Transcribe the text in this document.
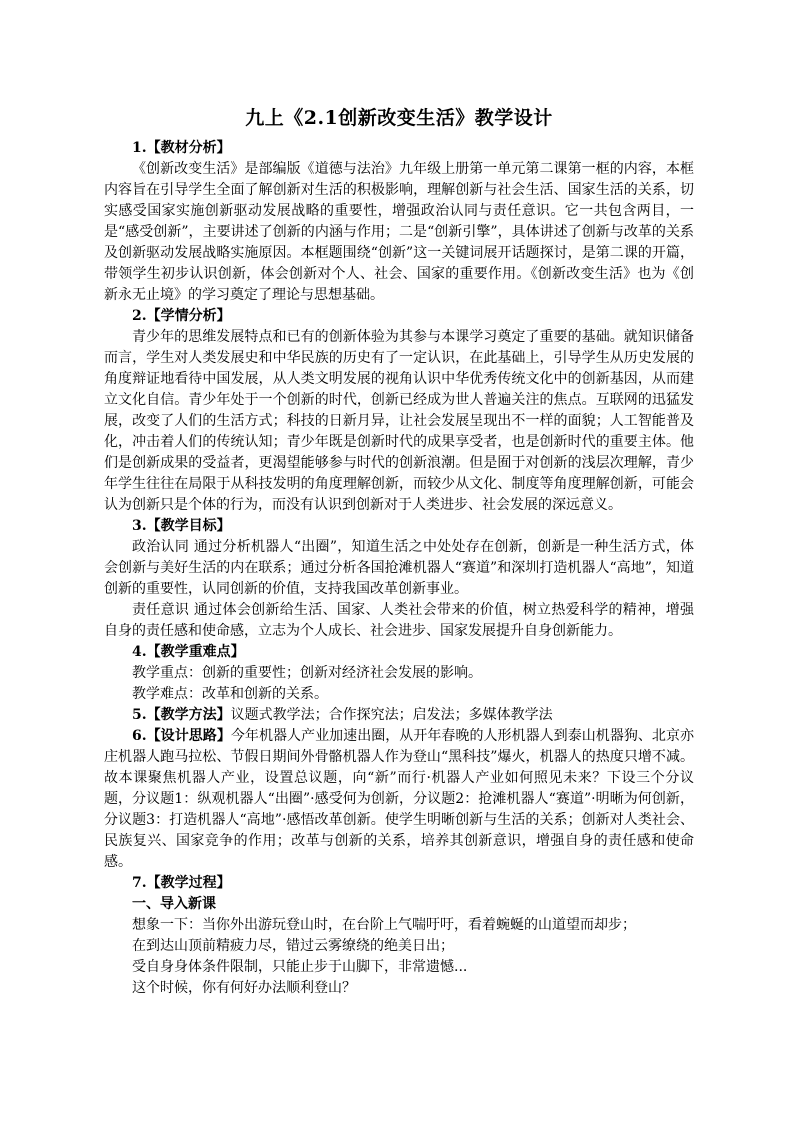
九上《2.1创新改变生活》教学设计
1.【教材分析】

《创新改变生活》是部编版《道德与法治》九年级上册第一单元第二课第一框的内容，本框内容旨在引导学生全面了解创新对生活的积极影响，理解创新与社会生活、国家生活的关系，切实感受国家实施创新驱动发展战略的重要性，增强政治认同与责任意识。它一共包含两目，一是“感受创新”，主要讲述了创新的内涵与作用；二是“创新引擎”，具体讲述了创新与改革的关系及创新驱动发展战略实施原因。本框题围绕“创新”这一关键词展开话题探讨，是第二课的开篇，带领学生初步认识创新，体会创新对个人、社会、国家的重要作用。《创新改变生活》也为《创新永无止境》的学习奠定了理论与思想基础。

2.【学情分析】

青少年的思维发展特点和已有的创新体验为其参与本课学习奠定了重要的基础。就知识储备而言，学生对人类发展史和中华民族的历史有了一定认识，在此基础上，引导学生从历史发展的角度辩证地看待中国发展，从人类文明发展的视角认识中华优秀传统文化中的创新基因，从而建立文化自信。青少年处于一个创新的时代，创新已经成为世人普遍关注的焦点。互联网的迅猛发展，改变了人们的生活方式；科技的日新月异，让社会发展呈现出不一样的面貌；人工智能普及化，冲击着人们的传统认知；青少年既是创新时代的成果享受者，也是创新时代的重要主体。他们是创新成果的受益者，更渴望能够参与时代的创新浪潮。但是囿于对创新的浅层次理解，青少年学生往往在局限于从科技发明的角度理解创新，而较少从文化、制度等角度理解创新，可能会认为创新只是个体的行为，而没有认识到创新对于人类进步、社会发展的深远意义。

3.【教学目标】

政治认同 通过分析机器人“出圈”，知道生活之中处处存在创新，创新是一种生活方式，体会创新与美好生活的内在联系；通过分析各国抢滩机器人“赛道”和深圳打造机器人“高地”，知道创新的重要性，认同创新的价值，支持我国改革创新事业。

责任意识 通过体会创新给生活、国家、人类社会带来的价值，树立热爱科学的精神，增强自身的责任感和使命感，立志为个人成长、社会进步、国家发展提升自身创新能力。

4.【教学重难点】

教学重点：创新的重要性；创新对经济社会发展的影响。

教学难点：改革和创新的关系。

5.【教学方法】议题式教学法；合作探究法；启发法；多媒体教学法

6.【设计思路】今年机器人产业加速出圈，从开年春晚的人形机器人到泰山机器狗、北京亦庄机器人跑马拉松、节假日期间外骨骼机器人作为登山“黑科技”爆火，机器人的热度只增不减。故本课聚焦机器人产业，设置总议题，向“新”而行·机器人产业如何照见未来？下设三个分议题，分议题1：纵观机器人“出圈”·感受何为创新，分议题2：抢滩机器人“赛道”·明晰为何创新，分议题3：打造机器人“高地”·感悟改革创新。使学生明晰创新与生活的关系；创新对人类社会、民族复兴、国家竞争的作用；改革与创新的关系，培养其创新意识，增强自身的责任感和使命感。

7.【教学过程】
一、导入新课

想象一下：当你外出游玩登山时，在台阶上气喘吁吁，看着蜿蜒的山道望而却步；

在到达山顶前精疲力尽，错过云雾缭绕的绝美日出；

受自身身体条件限制，只能止步于山脚下，非常遗憾...

这个时候，你有何好办法顺利登山？
